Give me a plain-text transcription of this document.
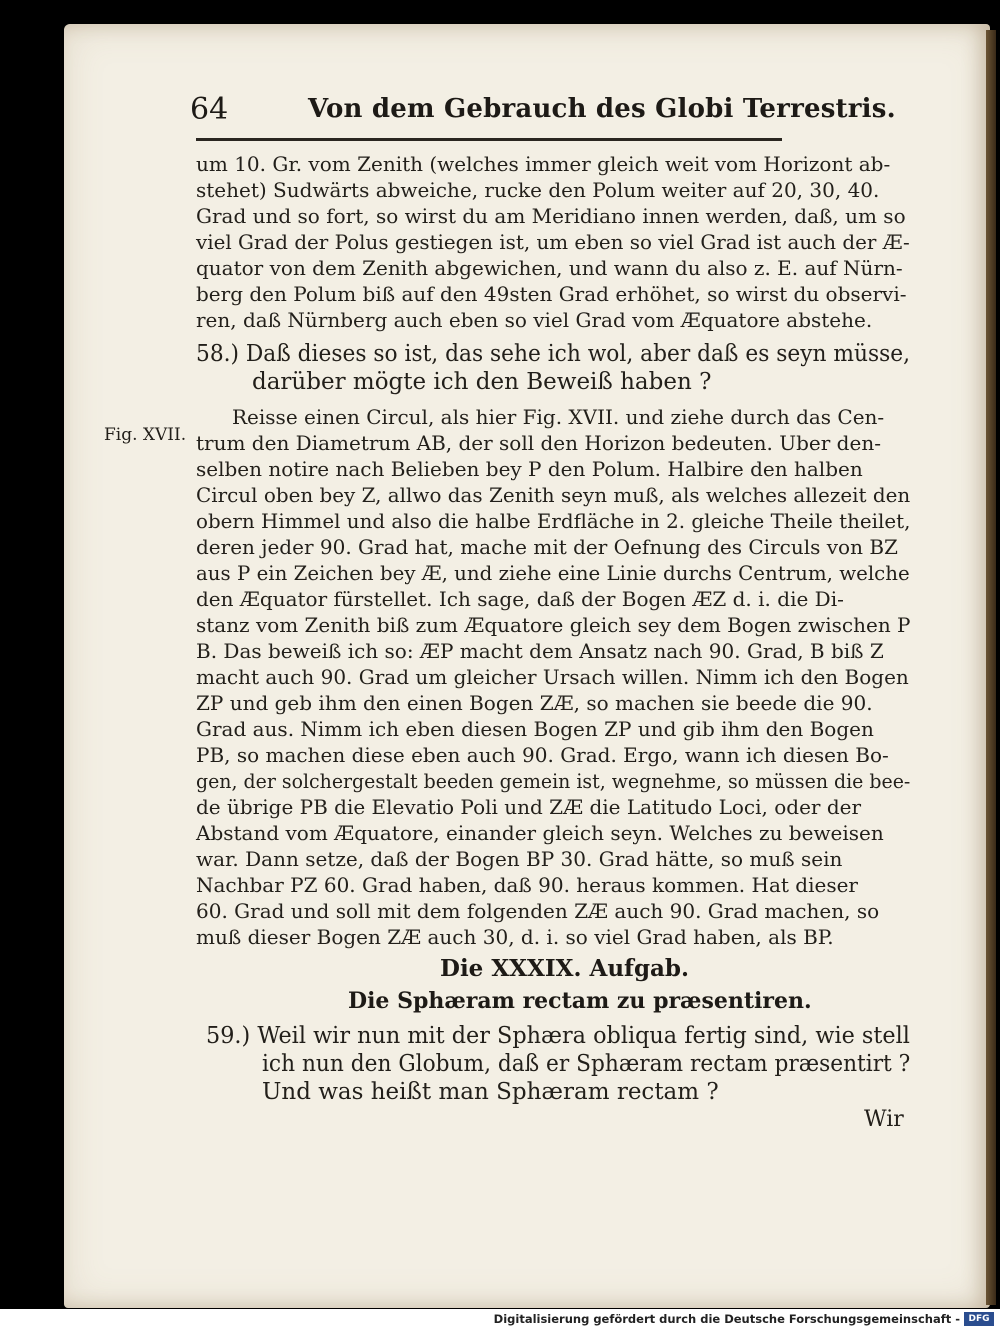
64	Von dem Gebrauch des Globi Terrestris.

um 10. Gr. vom Zenith (welches immer gleich weit vom Horizont ab-

stehet) Sudwärts abweiche, rucke den Polum weiter auf 20, 30, 40.

Grad und so fort, so wirst du am Meridiano innen werden, daß, um so

viel Grad der Polus gestiegen ist, um eben so viel Grad ist auch der Æ-

quator von dem Zenith abgewichen, und wann du also z. E. auf Nürn-

berg den Polum biß auf den 49sten Grad erhöhet, so wirst du observi-

ren, daß Nürnberg auch eben so viel Grad vom Æquatore abstehe.

58.) Daß dieses so ist, das sehe ich wol, aber daß es seyn müsse,

darüber mögte ich den Beweiß haben ?

Fig. XVII.

Reisse einen Circul, als hier Fig. XVII. und ziehe durch das Cen-

trum den Diametrum AB, der soll den Horizon bedeuten. Uber den-

selben notire nach Belieben bey P den Polum. Halbire den halben

Circul oben bey Z, allwo das Zenith seyn muß, als welches allezeit den

obern Himmel und also die halbe Erdfläche in 2. gleiche Theile theilet,

deren jeder 90. Grad hat, mache mit der Oefnung des Circuls von BZ

aus P ein Zeichen bey Æ, und ziehe eine Linie durchs Centrum, welche

den Æquator fürstellet. Ich sage, daß der Bogen ÆZ d. i. die Di-

stanz vom Zenith biß zum Æquatore gleich sey dem Bogen zwischen P

B. Das beweiß ich so: ÆP macht dem Ansatz nach 90. Grad, B biß Z

macht auch 90. Grad um gleicher Ursach willen. Nimm ich den Bogen

ZP und geb ihm den einen Bogen ZÆ, so machen sie beede die 90.

Grad aus. Nimm ich eben diesen Bogen ZP und gib ihm den Bogen

PB, so machen diese eben auch 90. Grad. Ergo, wann ich diesen Bo-

gen, der solchergestalt beeden gemein ist, wegnehme, so müssen die bee-

de übrige PB die Elevatio Poli und ZÆ die Latitudo Loci, oder der

Abstand vom Æquatore, einander gleich seyn. Welches zu beweisen

war. Dann setze, daß der Bogen BP 30. Grad hätte, so muß sein

Nachbar PZ 60. Grad haben, daß 90. heraus kommen. Hat dieser

60. Grad und soll mit dem folgenden ZÆ auch 90. Grad machen, so

muß dieser Bogen ZÆ auch 30, d. i. so viel Grad haben, als BP.

Die XXXIX. Aufgab.
Die Sphæram rectam zu præsentiren.

59.) Weil wir nun mit der Sphæra obliqua fertig sind, wie stell

ich nun den Globum, daß er Sphæram rectam præsentirt ?

Und was heißt man Sphæram rectam ?

Wir
Digitalisierung gefördert durch die Deutsche Forschungsgemeinschaft - DFG
